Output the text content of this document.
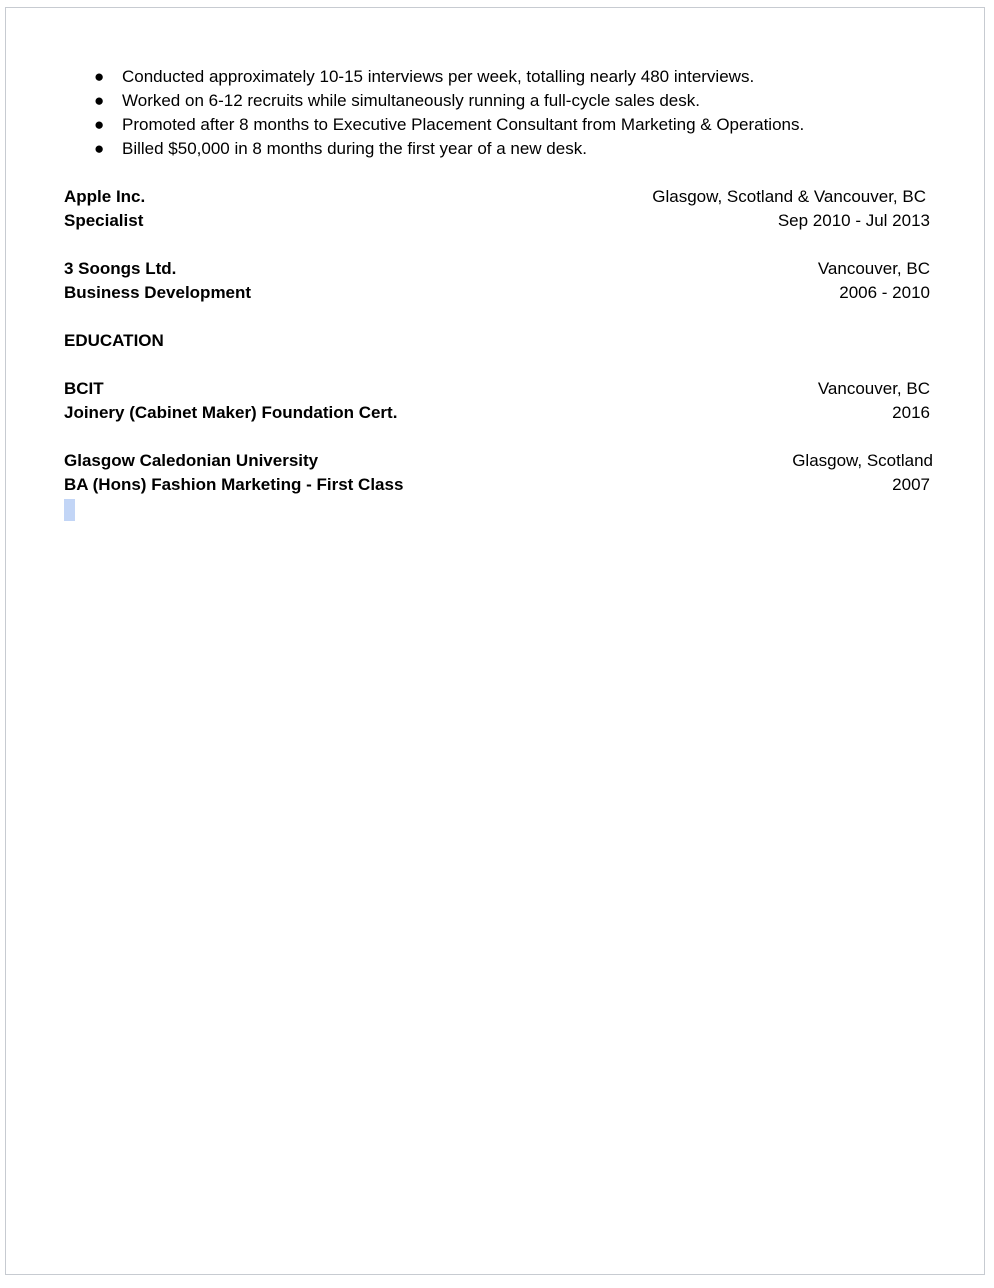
● Conducted approximately 10-15 interviews per week, totalling nearly 480 interviews.
● Worked on 6-12 recruits while simultaneously running a full-cycle sales desk.
● Promoted after 8 months to Executive Placement Consultant from Marketing & Operations.
● Billed $50,000 in 8 months during the first year of a new desk.
Apple Inc.	Glasgow, Scotland & Vancouver, BC
Specialist	Sep 2010 - Jul 2013
3 Soongs Ltd.	Vancouver, BC
Business Development	2006 - 2010
EDUCATION
BCIT	Vancouver, BC
Joinery (Cabinet Maker) Foundation Cert.	2016
Glasgow Caledonian University	Glasgow, Scotland
BA (Hons) Fashion Marketing - First Class	2007
